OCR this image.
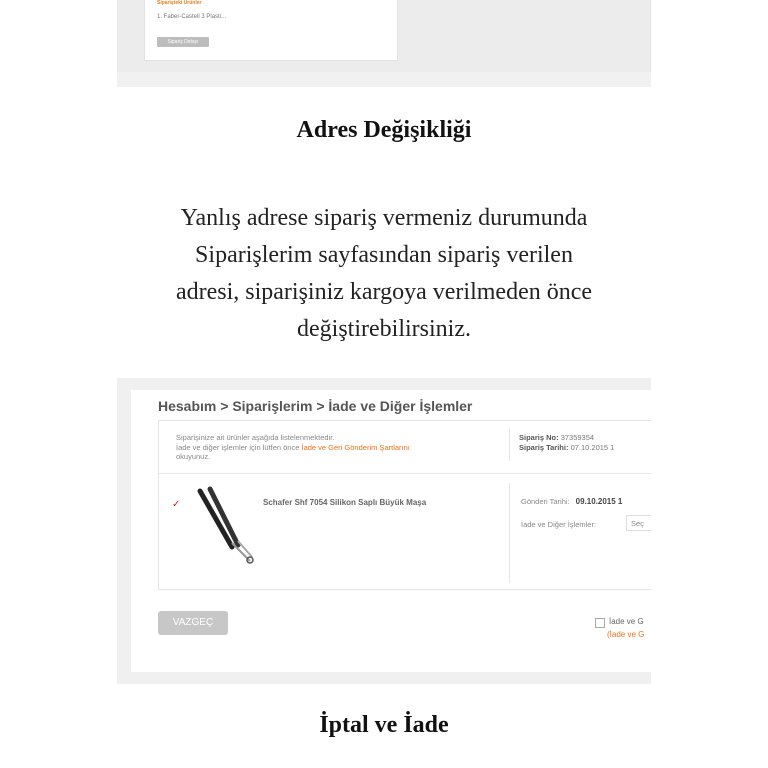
Siparişteki Ürünler
1. Faber-Castell 3 Plasti...
Sipariş Detayı
Adres Değişikliği
Yanlış adrese sipariş vermeniz durumunda
Siparişlerim sayfasından sipariş verilen
adresi, siparişiniz kargoya verilmeden önce
değiştirebilirsiniz.
Hesabım > Siparişlerim > İade ve Diğer İşlemler
Siparişinize ait ürünler aşağıda listelenmektedir.
İade ve diğer işlemler için lütfen önce İade ve Geri Gönderim Şartlarını
okuyunuz.
Sipariş No: 37359354
Sipariş Tarihi: 07.10.2015 1
✓	Schafer Shf 7054 Silikon Saplı Büyük Maşa	Gönderi Tarihi: 09.10.2015 1
İade ve Diğer İşlemler:	Seç
VAZGEÇ	İade ve G
(İade ve G
İptal ve İade
